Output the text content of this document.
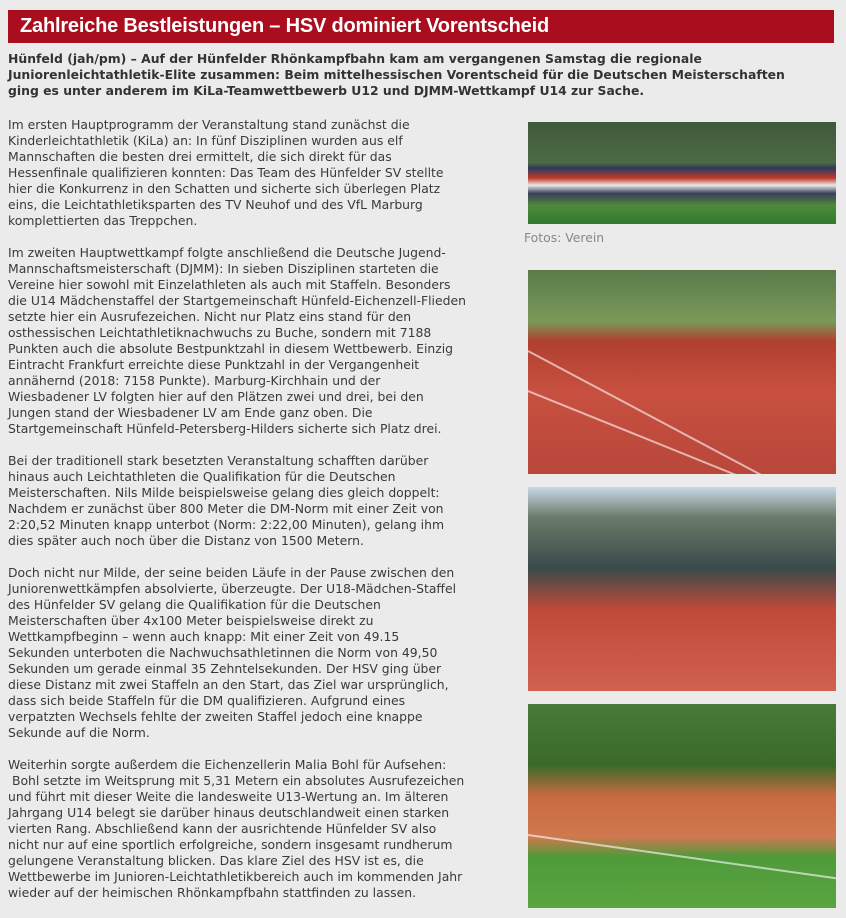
Zahlreiche Bestleistungen – HSV dominiert Vorentscheid
Hünfeld (jah/pm) – Auf der Hünfelder Rhönkampfbahn kam am vergangenen Samstag die regionale
Juniorenleichtathletik-Elite zusammen: Beim mittelhessischen Vorentscheid für die Deutschen Meisterschaften
ging es unter anderem im KiLa-Teamwettbewerb U12 und DJMM-Wettkampf U14 zur Sache.

Im ersten Hauptprogramm der Veranstaltung stand zunächst die
Kinderleichtathletik (KiLa) an: In fünf Disziplinen wurden aus elf
Mannschaften die besten drei ermittelt, die sich direkt für das
Hessenfinale qualifizieren konnten: Das Team des Hünfelder SV stellte
hier die Konkurrenz in den Schatten und sicherte sich überlegen Platz
eins, die Leichtathletiksparten des TV Neuhof und des VfL Marburg
komplettierten das Treppchen.

Im zweiten Hauptwettkampf folgte anschließend die Deutsche Jugend-
Mannschaftsmeisterschaft (DJMM): In sieben Disziplinen starteten die
Vereine hier sowohl mit Einzelathleten als auch mit Staffeln. Besonders
die U14 Mädchenstaffel der Startgemeinschaft Hünfeld-Eichenzell-Flieden
setzte hier ein Ausrufezeichen. Nicht nur Platz eins stand für den
osthessischen Leichtathletiknachwuchs zu Buche, sondern mit 7188
Punkten auch die absolute Bestpunktzahl in diesem Wettbewerb. Einzig
Eintracht Frankfurt erreichte diese Punktzahl in der Vergangenheit
annähernd (2018: 7158 Punkte). Marburg-Kirchhain und der
Wiesbadener LV folgten hier auf den Plätzen zwei und drei, bei den
Jungen stand der Wiesbadener LV am Ende ganz oben. Die
Startgemeinschaft Hünfeld-Petersberg-Hilders sicherte sich Platz drei.

Bei der traditionell stark besetzten Veranstaltung schafften darüber
hinaus auch Leichtathleten die Qualifikation für die Deutschen
Meisterschaften. Nils Milde beispielsweise gelang dies gleich doppelt:
Nachdem er zunächst über 800 Meter die DM-Norm mit einer Zeit von
2:20,52 Minuten knapp unterbot (Norm: 2:22,00 Minuten), gelang ihm
dies später auch noch über die Distanz von 1500 Metern.

Doch nicht nur Milde, der seine beiden Läufe in der Pause zwischen den
Juniorenwettkämpfen absolvierte, überzeugte. Der U18-Mädchen-Staffel
des Hünfelder SV gelang die Qualifikation für die Deutschen
Meisterschaften über 4x100 Meter beispielsweise direkt zu
Wettkampfbeginn – wenn auch knapp: Mit einer Zeit von 49.15
Sekunden unterboten die Nachwuchsathletinnen die Norm von 49,50
Sekunden um gerade einmal 35 Zehntelsekunden. Der HSV ging über
diese Distanz mit zwei Staffeln an den Start, das Ziel war ursprünglich,
dass sich beide Staffeln für die DM qualifizieren. Aufgrund eines
verpatzten Wechsels fehlte der zweiten Staffel jedoch eine knappe
Sekunde auf die Norm.

Weiterhin sorgte außerdem die Eichenzellerin Malia Bohl für Aufsehen:
Bohl setzte im Weitsprung mit 5,31 Metern ein absolutes Ausrufezeichen
und führt mit dieser Weite die landesweite U13-Wertung an. Im älteren
Jahrgang U14 belegt sie darüber hinaus deutschlandweit einen starken
vierten Rang. Abschließend kann der ausrichtende Hünfelder SV also
nicht nur auf eine sportlich erfolgreiche, sondern insgesamt rundherum
gelungene Veranstaltung blicken. Das klare Ziel des HSV ist es, die
Wettbewerbe im Junioren-Leichtathletikbereich auch im kommenden Jahr
wieder auf der heimischen Rhönkampfbahn stattfinden zu lassen.

Fotos: Verein
